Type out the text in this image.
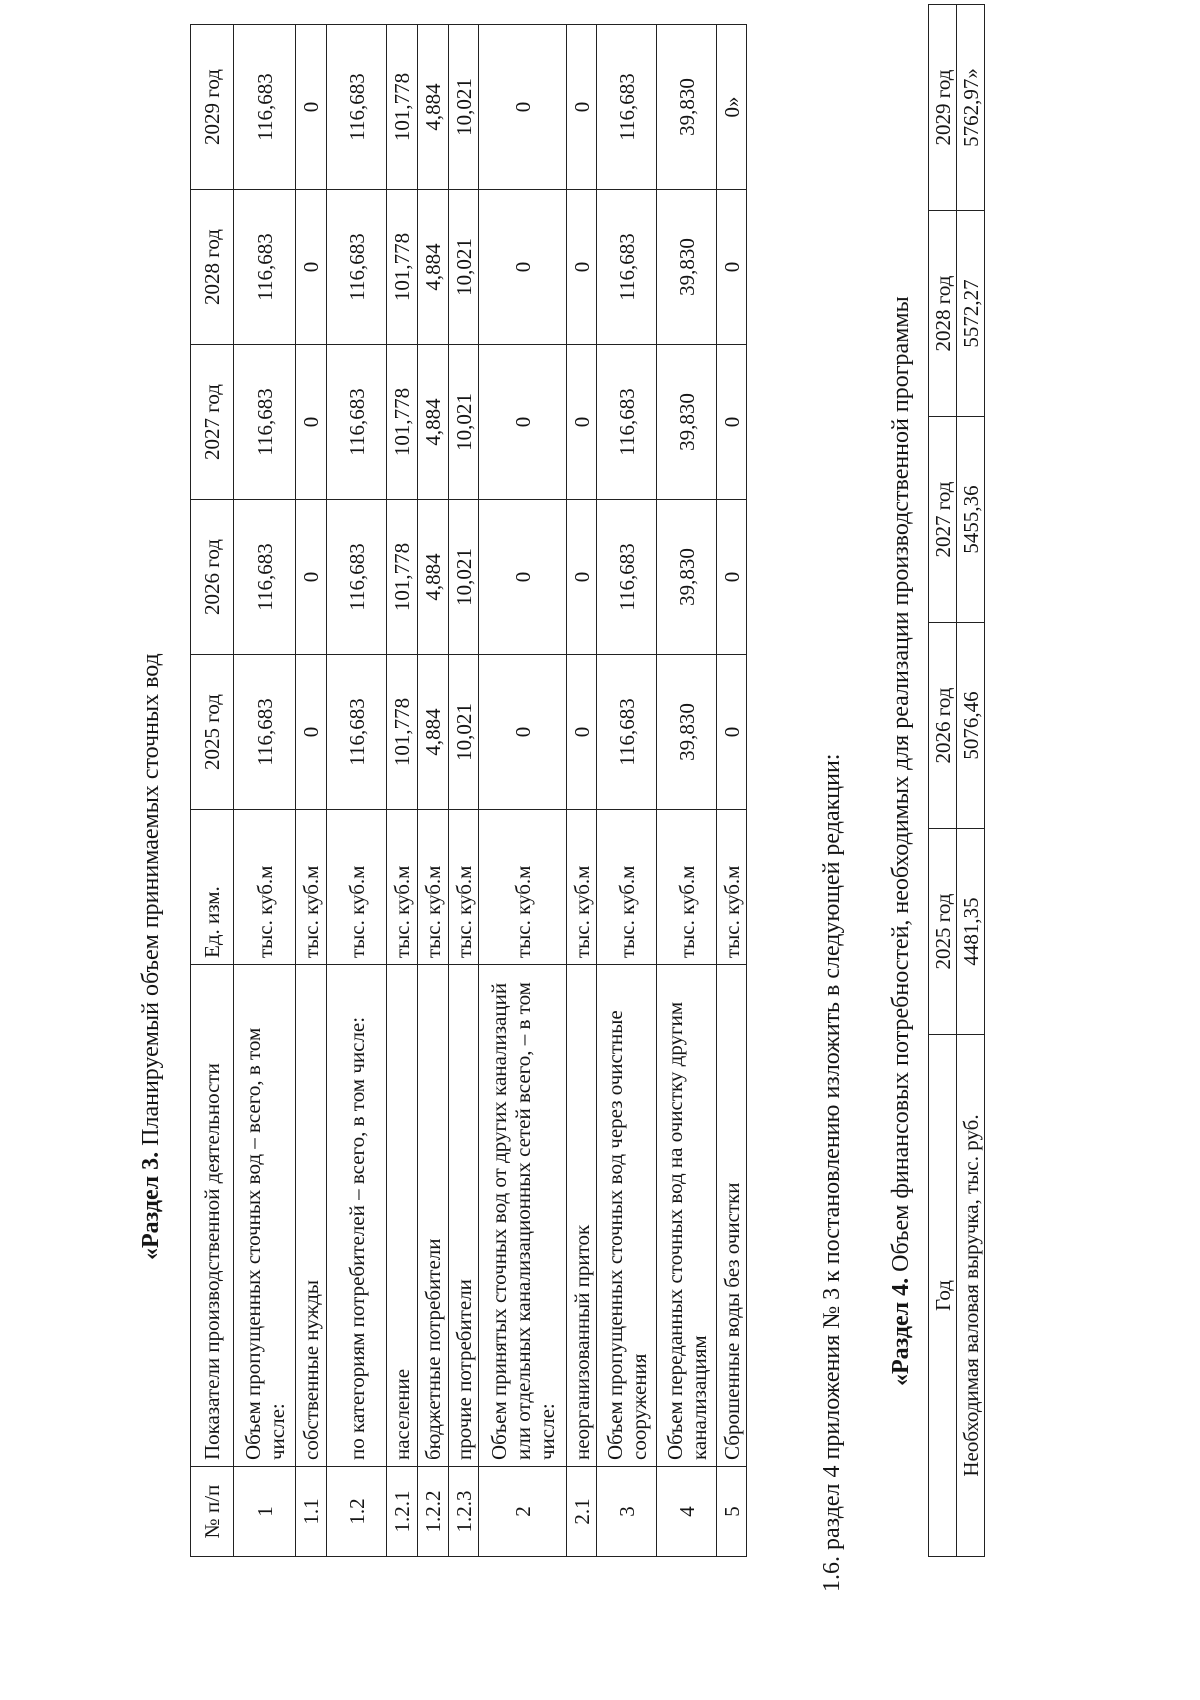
«Раздел 3. Планируемый объем принимаемых сточных вод
№ п/п	Показатели производственной деятельности	Ед. изм.	2025 год	2026 год	2027 год	2028 год	2029 год
1	Объем пропущенных сточных вод – всего, в том числе:	тыс. куб.м	116,683	116,683	116,683	116,683	116,683
1.1	собственные нужды	тыс. куб.м	0	0	0	0	0
1.2	по категориям потребителей – всего, в том числе:	тыс. куб.м	116,683	116,683	116,683	116,683	116,683
1.2.1	население	тыс. куб.м	101,778	101,778	101,778	101,778	101,778
1.2.2	бюджетные потребители	тыс. куб.м	4,884	4,884	4,884	4,884	4,884
1.2.3	прочие потребители	тыс. куб.м	10,021	10,021	10,021	10,021	10,021
2	Объем принятых сточных вод от других канализаций или отдельных канализационных сетей всего, – в том числе:	тыс. куб.м	0	0	0	0	0
2.1	неорганизованный приток	тыс. куб.м	0	0	0	0	0
3	Объем пропущенных сточных вод через очистные сооружения	тыс. куб.м	116,683	116,683	116,683	116,683	116,683
4	Объем переданных сточных вод на очистку другим канализациям	тыс. куб.м	39,830	39,830	39,830	39,830	39,830
5	Сброшенные воды без очистки	тыс. куб.м	0	0	0	0	0»
1.6. раздел 4 приложения № 3 к постановлению изложить в следующей редакции: «Раздел 4. Объем финансовых потребностей, необходимых для реализации производственной программы
Год	2025 год	2026 год	2027 год	2028 год	2029 год
Необходимая валовая выручка, тыс. руб.	4481,35	5076,46	5455,36	5572,27	5762,97»
